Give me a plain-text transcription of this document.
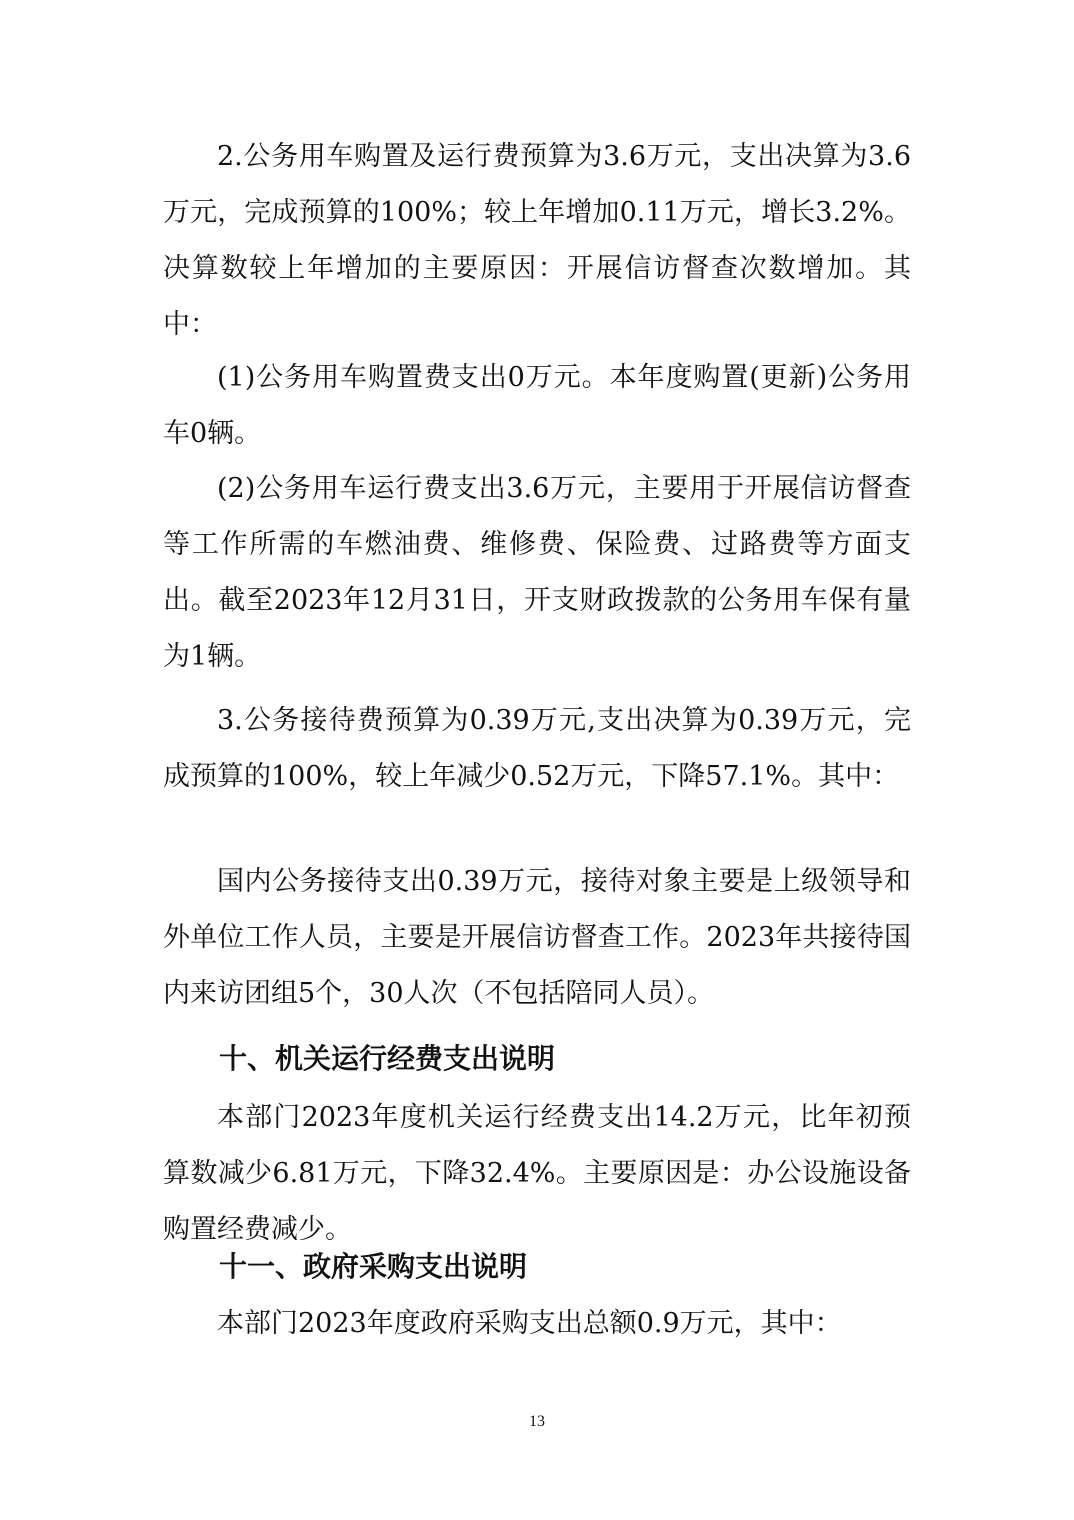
2.公务用车购置及运行费预算为3.6万元，支出决算为3.6万元，完成预算的100%；较上年增加0.11万元，增长3.2%。决算数较上年增加的主要原因：开展信访督查次数增加。其中：

(1)公务用车购置费支出0万元。本年度购置(更新)公务用车0辆。

(2)公务用车运行费支出3.6万元，主要用于开展信访督查等工作所需的车燃油费、维修费、保险费、过路费等方面支出。截至2023年12月31日，开支财政拨款的公务用车保有量为1辆。

3.公务接待费预算为0.39万元,支出决算为0.39万元，完成预算的100%，较上年减少0.52万元，下降57.1%。其中：

国内公务接待支出0.39万元，接待对象主要是上级领导和外单位工作人员，主要是开展信访督查工作。2023年共接待国内来访团组5个，30人次（不包括陪同人员）。

十、机关运行经费支出说明

本部门2023年度机关运行经费支出14.2万元，比年初预算数减少6.81万元，下降32.4%。主要原因是：办公设施设备购置经费减少。

十一、政府采购支出说明

本部门2023年度政府采购支出总额0.9万元，其中：

13
